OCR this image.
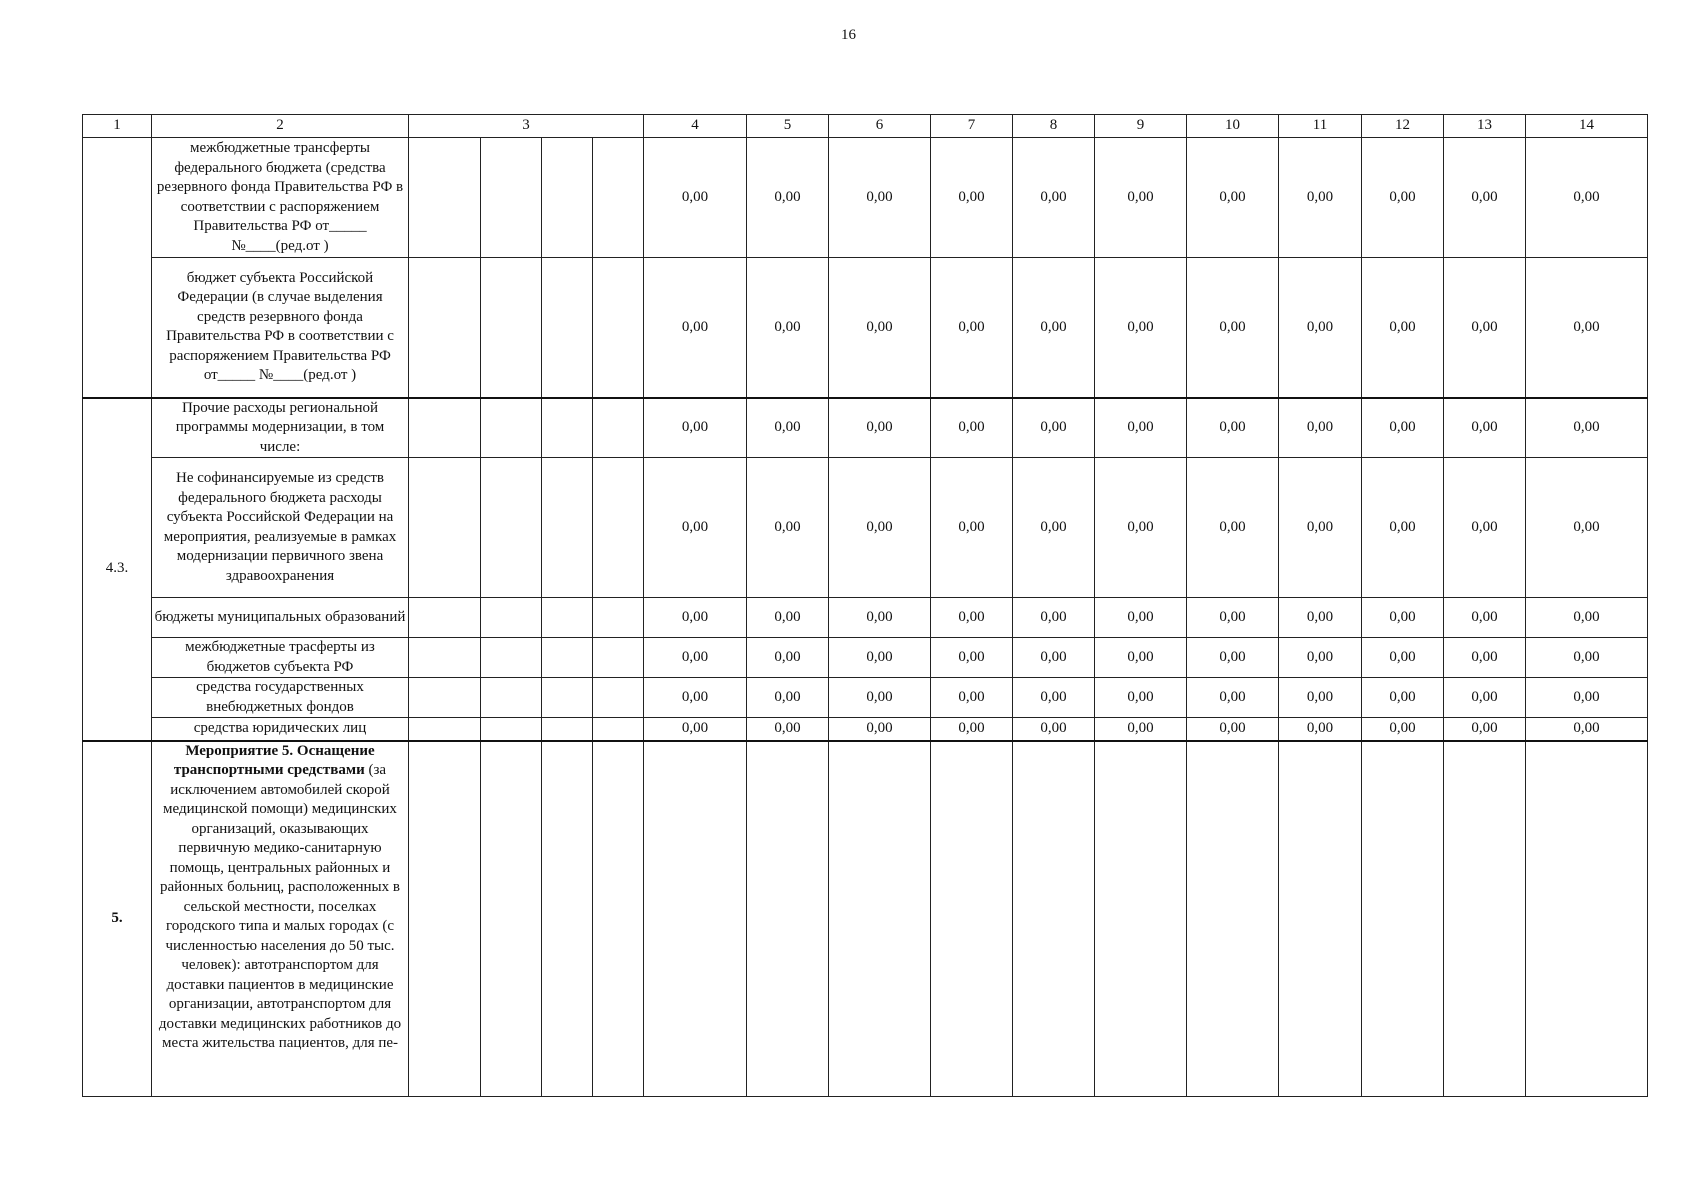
16
1	2	3				4	5	6	7	8	9	10	11	12	13	14
	межбюджетные трансферты федерального бюджета (средства резервного фонда Правительства РФ в соответствии с распоряжением Правительства РФ от_____ №____(ред.от )					0,00	0,00	0,00	0,00	0,00	0,00	0,00	0,00	0,00	0,00	0,00
	бюджет субъекта Российской Федерации (в случае выделения средств резервного фонда Правительства РФ в соответствии с распоряжением Правительства РФ от_____ №____(ред.от )					0,00	0,00	0,00	0,00	0,00	0,00	0,00	0,00	0,00	0,00	0,00
4.3.	Прочие расходы региональной программы модернизации, в том числе:					0,00	0,00	0,00	0,00	0,00	0,00	0,00	0,00	0,00	0,00	0,00
	Не софинансируемые из средств федерального бюджета расходы субъекта Российской Федерации на мероприятия, реализуемые в рамках модернизации первичного звена здравоохранения					0,00	0,00	0,00	0,00	0,00	0,00	0,00	0,00	0,00	0,00	0,00
	бюджеты муниципальных образований					0,00	0,00	0,00	0,00	0,00	0,00	0,00	0,00	0,00	0,00	0,00
	межбюджетные трасферты из бюджетов субъекта РФ					0,00	0,00	0,00	0,00	0,00	0,00	0,00	0,00	0,00	0,00	0,00
	средства государственных внебюджетных фондов					0,00	0,00	0,00	0,00	0,00	0,00	0,00	0,00	0,00	0,00	0,00
	средства юридических лиц					0,00	0,00	0,00	0,00	0,00	0,00	0,00	0,00	0,00	0,00	0,00
5.	Мероприятие 5. Оснащение транспортными средствами (за исключением автомобилей скорой медицинской помощи) медицинских организаций, оказывающих первичную медико-санитарную помощь, центральных районных и районных больниц, расположенных в сельской местности, поселках городского типа и малых городах (с численностью населения до 50 тыс. человек): автотранспортом для доставки пациентов в медицинские организации, автотранспортом для доставки медицинских работников до места жительства пациентов, для пе-															
